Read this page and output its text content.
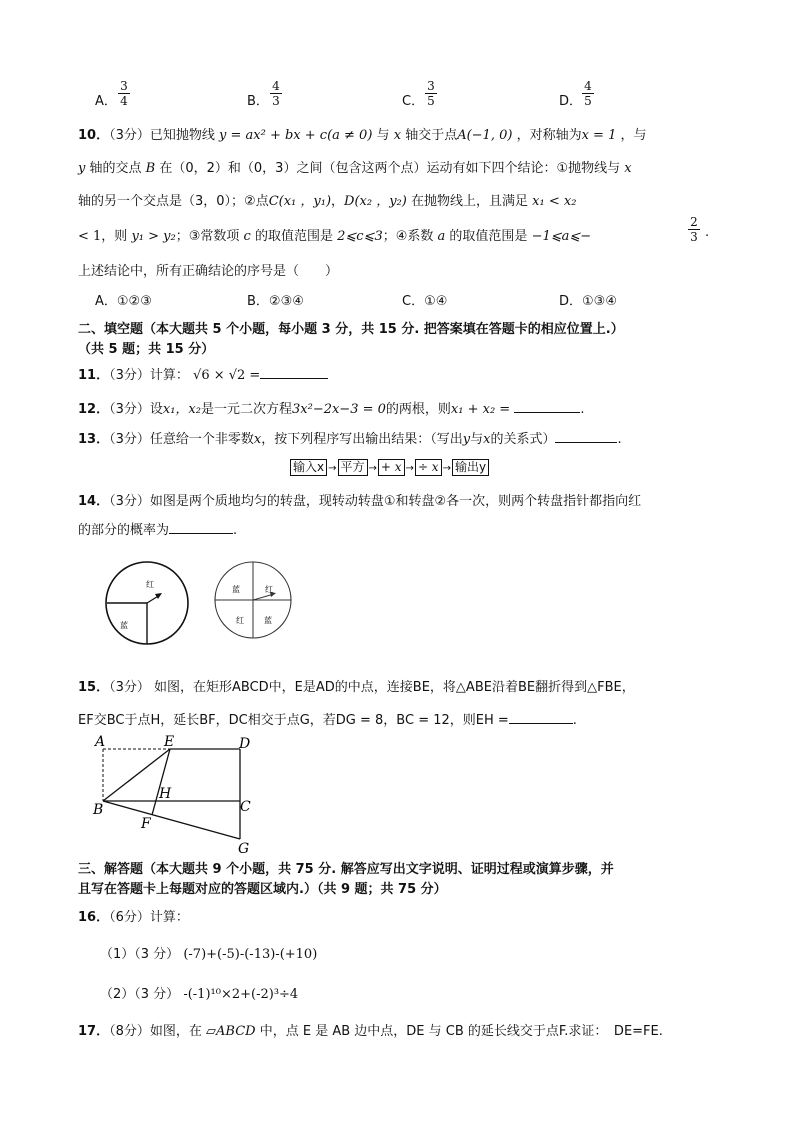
A． $\frac{3}{4}$	B． $\frac{4}{3}$	C． $\frac{3}{5}$	D． $\frac{4}{5}$
10．（3分）已知抛物线 y = ax² + bx + c(a ≠ 0) 与 x 轴交于点A(−1, 0) ，对称轴为x = 1 ，与
y 轴的交点 B 在（0，2）和（0，3）之间（包含这两个点）运动有如下四个结论：①抛物线与 x
轴的另一个交点是（3，0）；②点C(x₁ ，y₁)，D(x₂ ，y₂) 在抛物线上，且满足 x₁ < x₂
< 1，则 y₁ > y₂；③常数项 c 的取值范围是 2⩽c⩽3；④系数 a 的取值范围是 −1⩽a⩽−	$\frac{2}{3}$ .
上述结论中，所有正确结论的序号是（　　）
A．①②③	B．②③④	C．①④	D．①③④
二、填空题（本大题共 5 个小题，每小题 3 分，共 15 分. 把答案填在答题卡的相应位置上.）
（共 5 题；共 15 分）
11．（3分）计算： √6 × √2 =
12．（3分）设x₁，x₂是一元二次方程3x²−2x−3 = 0的两根，则x₁ + x₂ =	.
13．（3分）任意给一个非零数x，按下列程序写出输出结果：（写出y与x的关系式）	.
输入x → 平方 → + x → ÷ x → 输出y
14．（3分）如图是两个质地均匀的转盘，现转动转盘①和转盘②各一次，则两个转盘指针都指向红
的部分的概率为	.
红
蓝
蓝	红
红	蓝
15．（3分） 如图，在矩形ABCD中，E是AD的中点，连接BE，将△ABE沿着BE翻折得到△FBE，
EF交BC于点H，延长BF，DC相交于点G，若DG = 8，BC = 12，则EH =	.
A	E	D
H
C
B
F
G
三、解答题（本大题共 9 个小题，共 75 分. 解答应写出文字说明、证明过程或演算步骤，并
且写在答题卡上每题对应的答题区域内.）（共 9 题；共 75 分）
16．（6分）计算：
（1）（3 分） (-7)+(-5)-(-13)-(+10)
（2）（3 分） -(-1)¹⁰×2+(-2)³÷4
17．（8分）如图，在 ▱ABCD 中，点 E 是 AB 边中点，DE 与 CB 的延长线交于点F.求证：　DE=FE.
